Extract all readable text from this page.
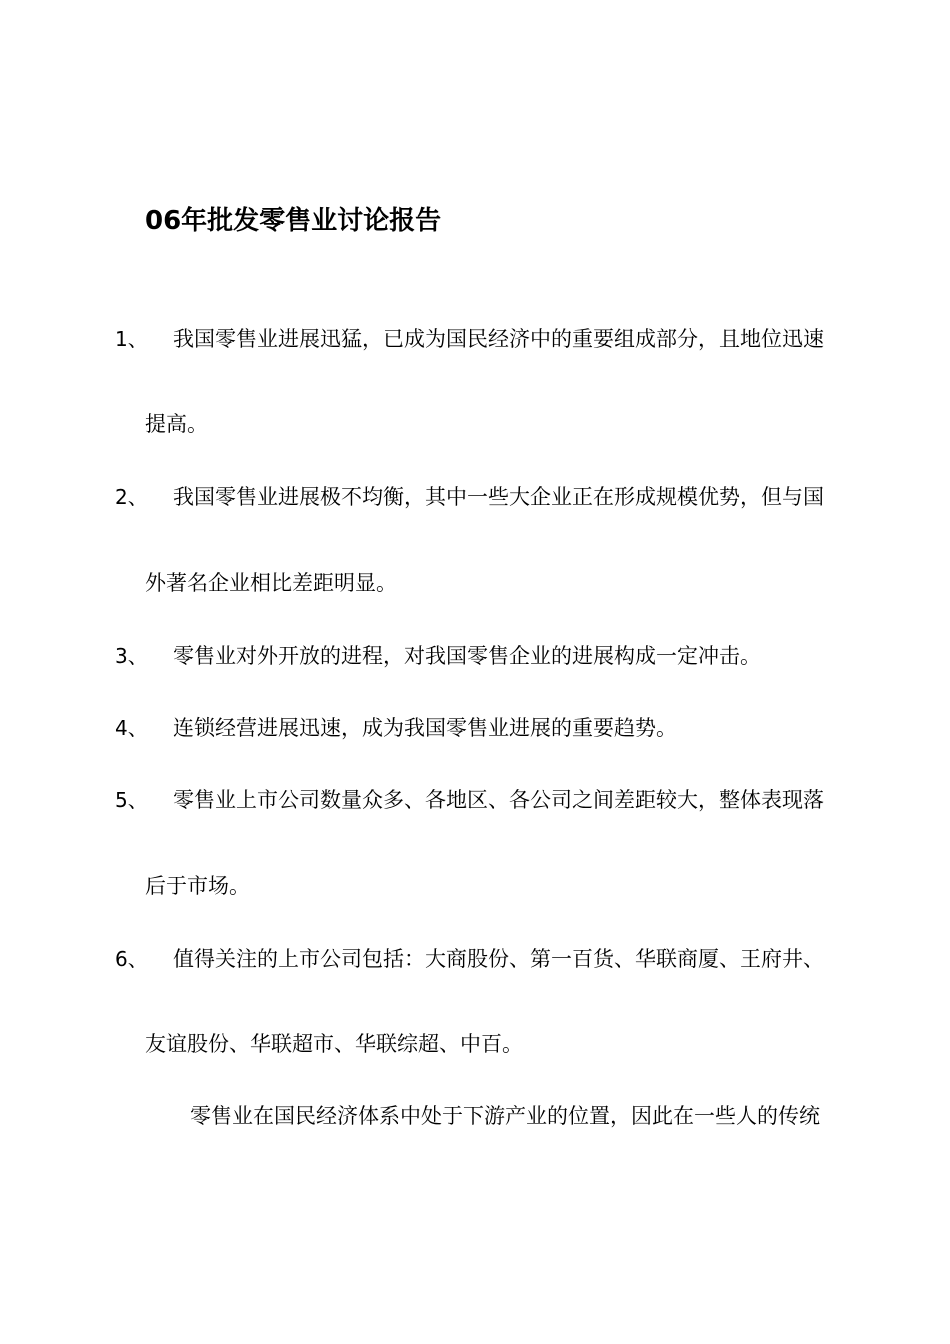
06年批发零售业讨论报告
1、 我国零售业进展迅猛，已成为国民经济中的重要组成部分，且地位迅速
提高。
2、 我国零售业进展极不均衡，其中一些大企业正在形成规模优势，但与国
外著名企业相比差距明显。
3、 零售业对外开放的进程，对我国零售企业的进展构成一定冲击。
4、 连锁经营进展迅速，成为我国零售业进展的重要趋势。
5、 零售业上市公司数量众多、各地区、各公司之间差距较大，整体表现落
后于市场。
6、 值得关注的上市公司包括：大商股份、第一百货、华联商厦、王府井、
友谊股份、华联超市、华联综超、中百。
零售业在国民经济体系中处于下游产业的位置，因此在一些人的传统
